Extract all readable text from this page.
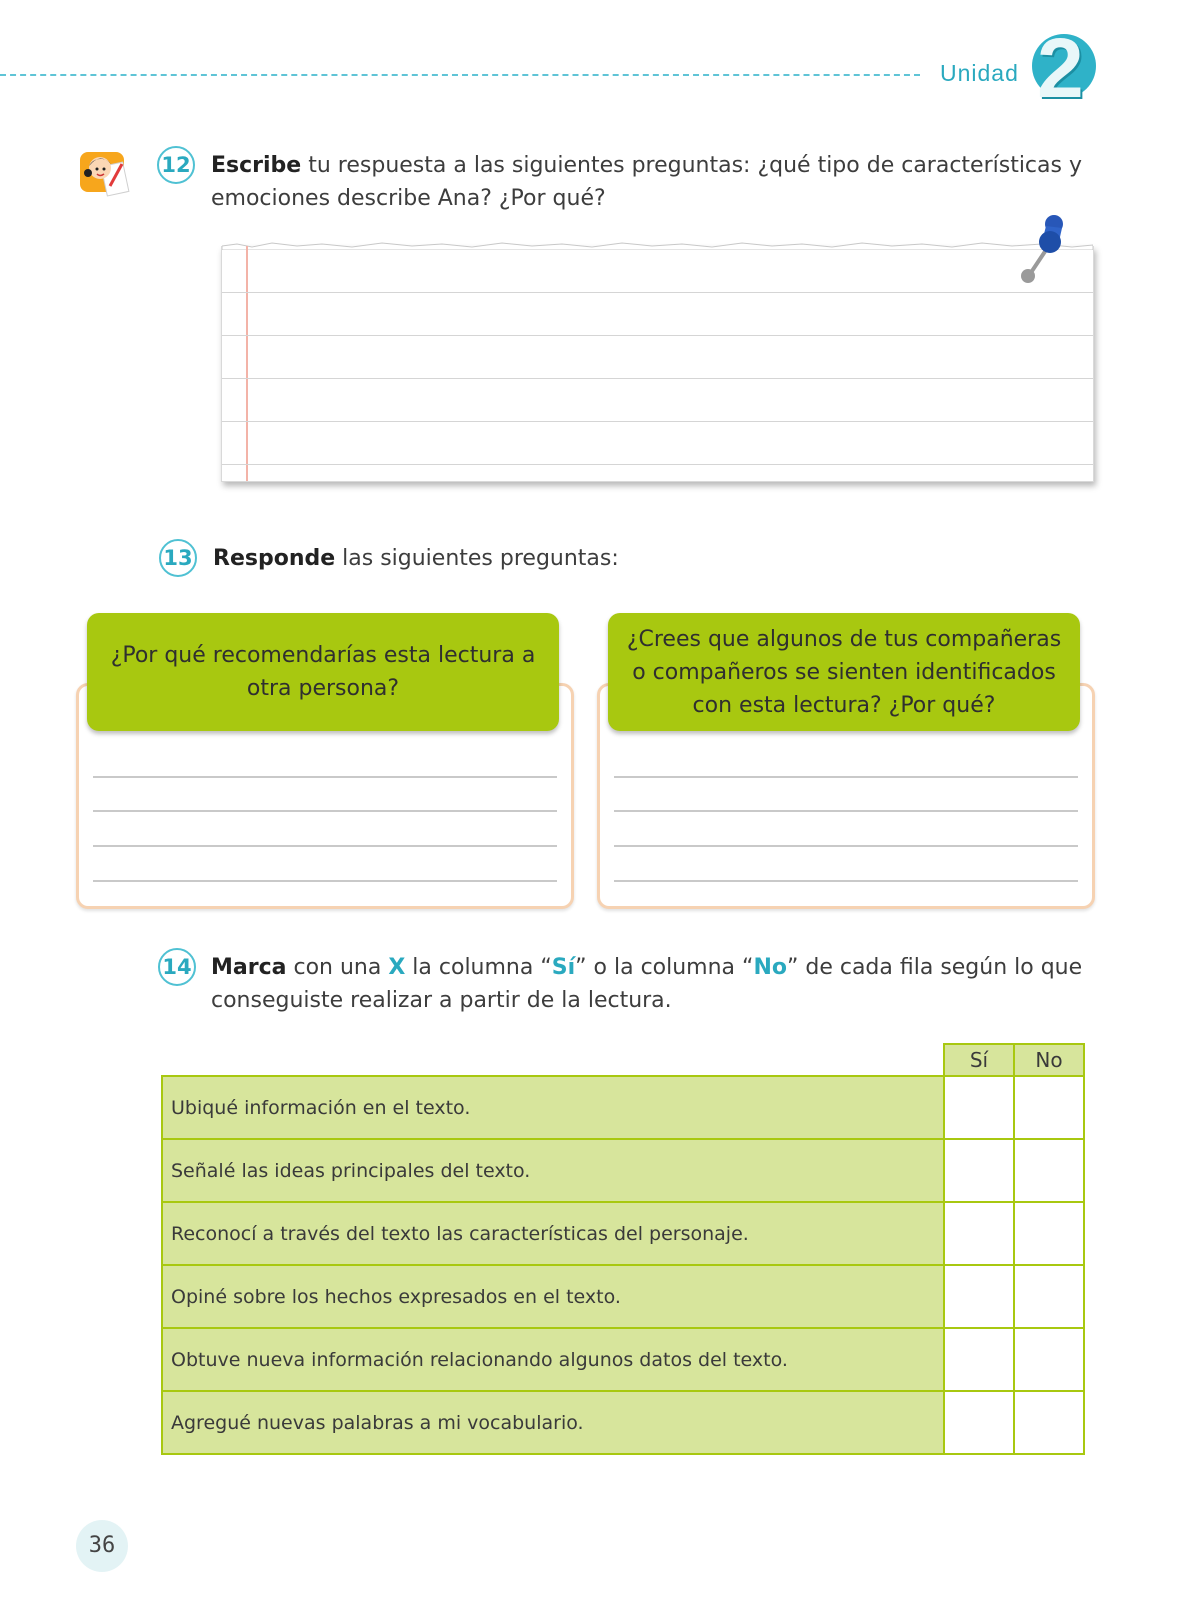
Unidad 2
12 Escribe tu respuesta a las siguientes preguntas: ¿qué tipo de características y emociones describe Ana? ¿Por qué?
13 Responde las siguientes preguntas:
¿Por qué recomendarías esta lectura a otra persona?
¿Crees que algunos de tus compañeras o compañeros se sienten identificados con esta lectura? ¿Por qué?
14 Marca con una X la columna “Sí” o la columna “No” de cada fila según lo que conseguiste realizar a partir de la lectura.
	Sí	No
Ubiqué información en el texto.		
Señalé las ideas principales del texto.		
Reconocí a través del texto las características del personaje.		
Opiné sobre los hechos expresados en el texto.		
Obtuve nueva información relacionando algunos datos del texto.		
Agregué nuevas palabras a mi vocabulario.		
36
